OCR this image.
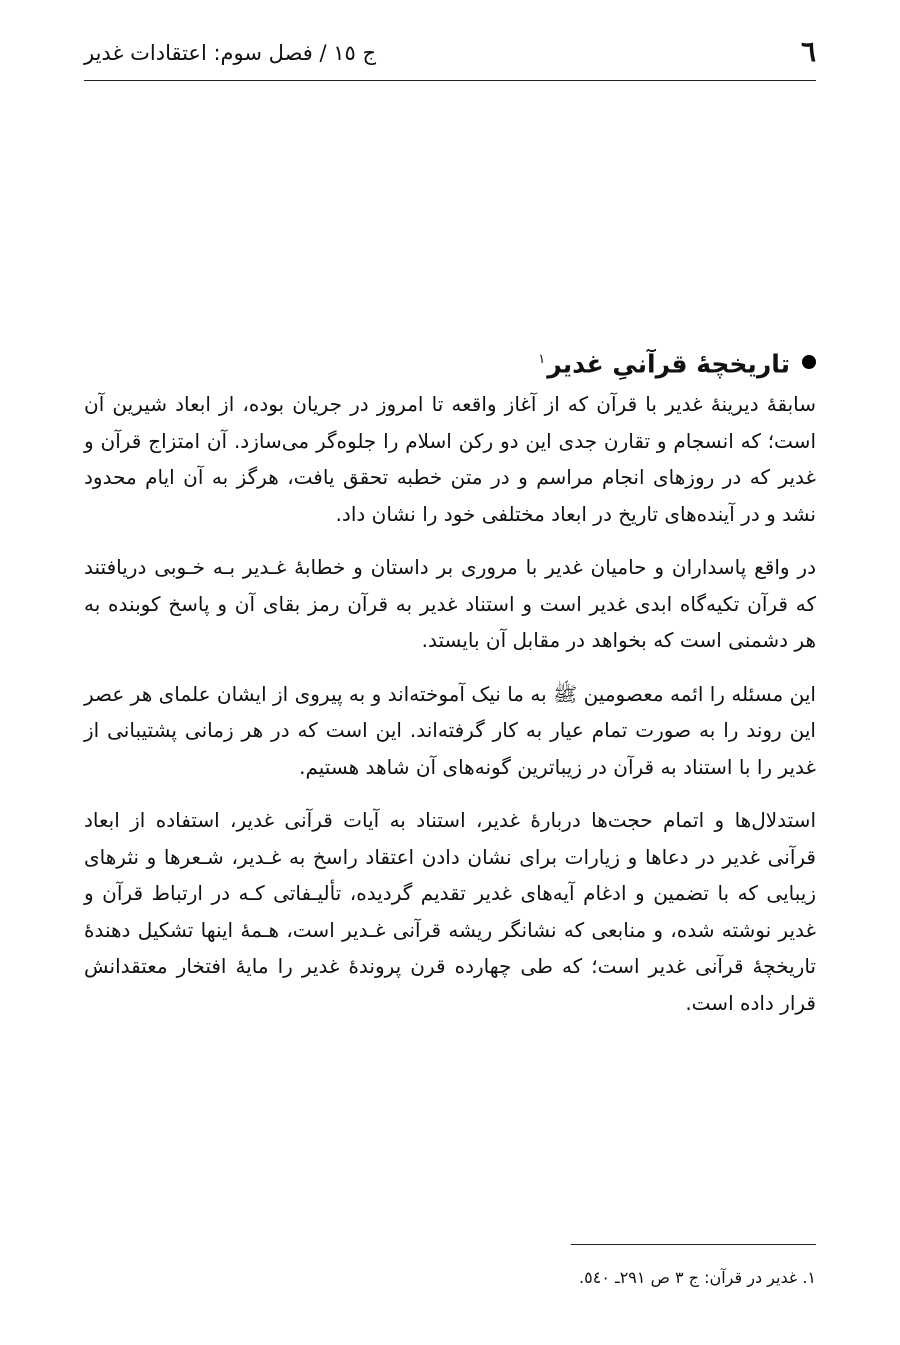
٦
ج ١٥ / فصل سوم: اعتقادات غدیر
تاریخچهٔ قرآنیِ غدیر$^١$

سابقهٔ دیرینهٔ غدیر با قرآن که از آغاز واقعه تا امروز در جریان بوده، از ابعاد شیرین آن است؛ که انسجام و تقارن جدی این دو رکن اسلام را جلوه‌گر می‌سازد. آن امتزاج قرآن و غدیر که در روزهای انجام مراسم و در متن خطبه تحقق یافت، هرگز به آن ایام محدود نشد و در آینده‌های تاریخ در ابعاد مختلفی خود را نشان داد.

در واقع پاسداران و حامیان غدیر با مروری بر داستان و خطابهٔ غـدیر بـه خـوبی دریافتند که قرآن تکیه‌گاه ابدی غدیر است و استناد غدیر به قرآن رمز بقای آن و پاسخ کوبنده به هر دشمنی است که بخواهد در مقابل آن بایستد.

این مسئله را ائمه معصومین ﷺ به ما نیک آموخته‌اند و به پیروی از ایشان علمای هر عصر این روند را به صورت تمام عیار به کار گرفته‌اند. این است که در هر زمانی پشتیبانی از غدیر را با استناد به قرآن در زیباترین گونه‌های آن شاهد هستیم.

استدلال‌ها و اتمام حجت‌ها دربارهٔ غدیر، استناد به آیات قرآنی غدیر، استفاده از ابعاد قرآنی غدیر در دعاها و زیارات برای نشان دادن اعتقاد راسخ به غـدیر، شـعرها و نثرهای زیبایی که با تضمین و ادغام آیه‌های غدیر تقدیم گردیده، تألیـفاتی کـه در ارتباط قرآن و غدیر نوشته شده، و منابعی که نشانگر ریشه قرآنی غـدیر است، هـمهٔ اینها تشکیل دهندهٔ تاریخچهٔ قرآنی غدیر است؛ که طی چهارده قرن پروندهٔ غدیر را مایهٔ افتخار معتقدانش قرار داده است.

١. غدیر در قرآن: ج ٣ ص ٢٩١ـ ٥٤٠.
